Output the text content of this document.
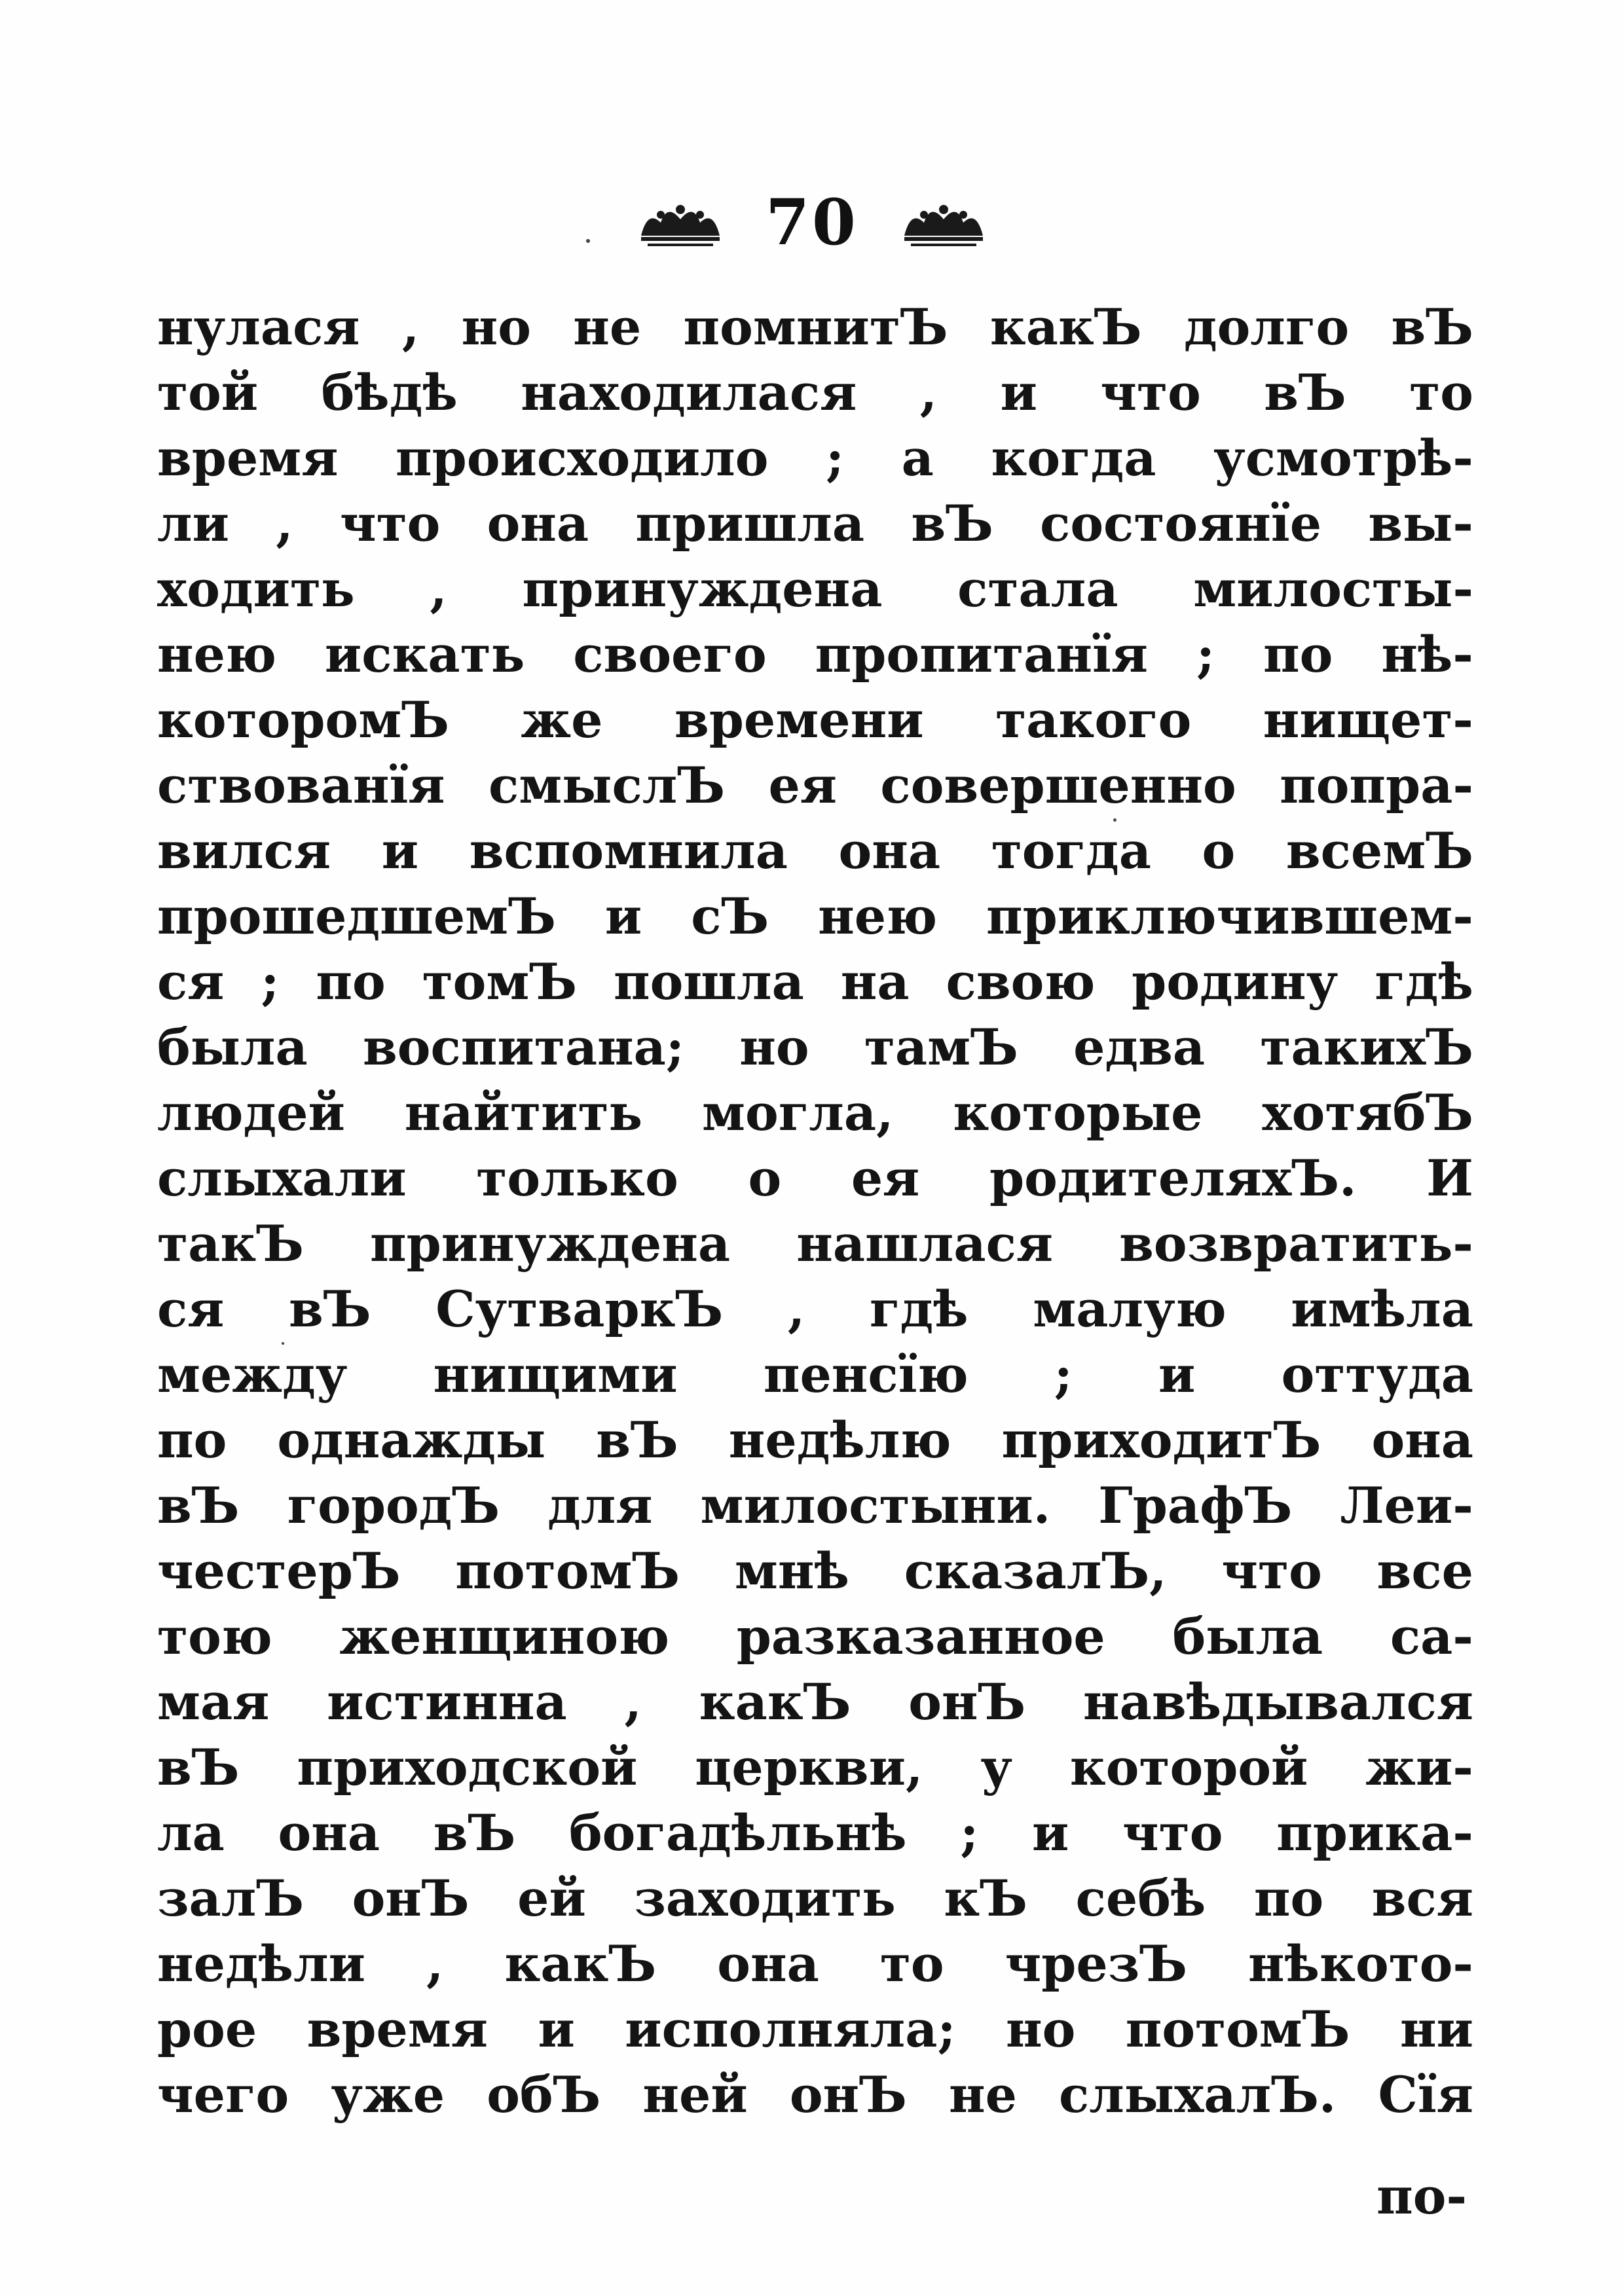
70
нулася , но не помнитЪ какЪ долго вЪ
той бѣдѣ находилася , и что вЪ то
время происходило ; а когда усмотрѣ-
ли , что она пришла вЪ состоянїе вы-
ходить , принуждена стала милосты-
нею искать своего пропитанїя ; по нѣ-
которомЪ же времени такого нищет-
ствованїя смыслЪ ея совершенно попра-
вился и вспомнила она тогда о всемЪ
прошедшемЪ и сЪ нею приключившем-
ся ; по томЪ пошла на свою родину гдѣ
была воспитана; но тамЪ едва такихЪ
людей найтить могла, которые хотябЪ
слыхали только о ея родителяхЪ. И
такЪ принуждена нашлася возвратить-
ся вЪ СутваркЪ , гдѣ малую имѣла
между нищими пенсїю ; и оттуда
по однажды вЪ недѣлю приходитЪ она
вЪ городЪ для милостыни. ГрафЪ Леи-
честерЪ потомЪ мнѣ сказалЪ, что все
тою женщиною разказанное была са-
мая истинна , какЪ онЪ навѣдывался
вЪ приходской церкви, у которой жи-
ла она вЪ богадѣльнѣ ; и что прика-
залЪ онЪ ей заходить кЪ себѣ по вся
недѣли , какЪ она то чрезЪ нѣкото-
рое время и исполняла; но потомЪ ни
чего уже обЪ ней онЪ не слыхалЪ. Сїя
по-
